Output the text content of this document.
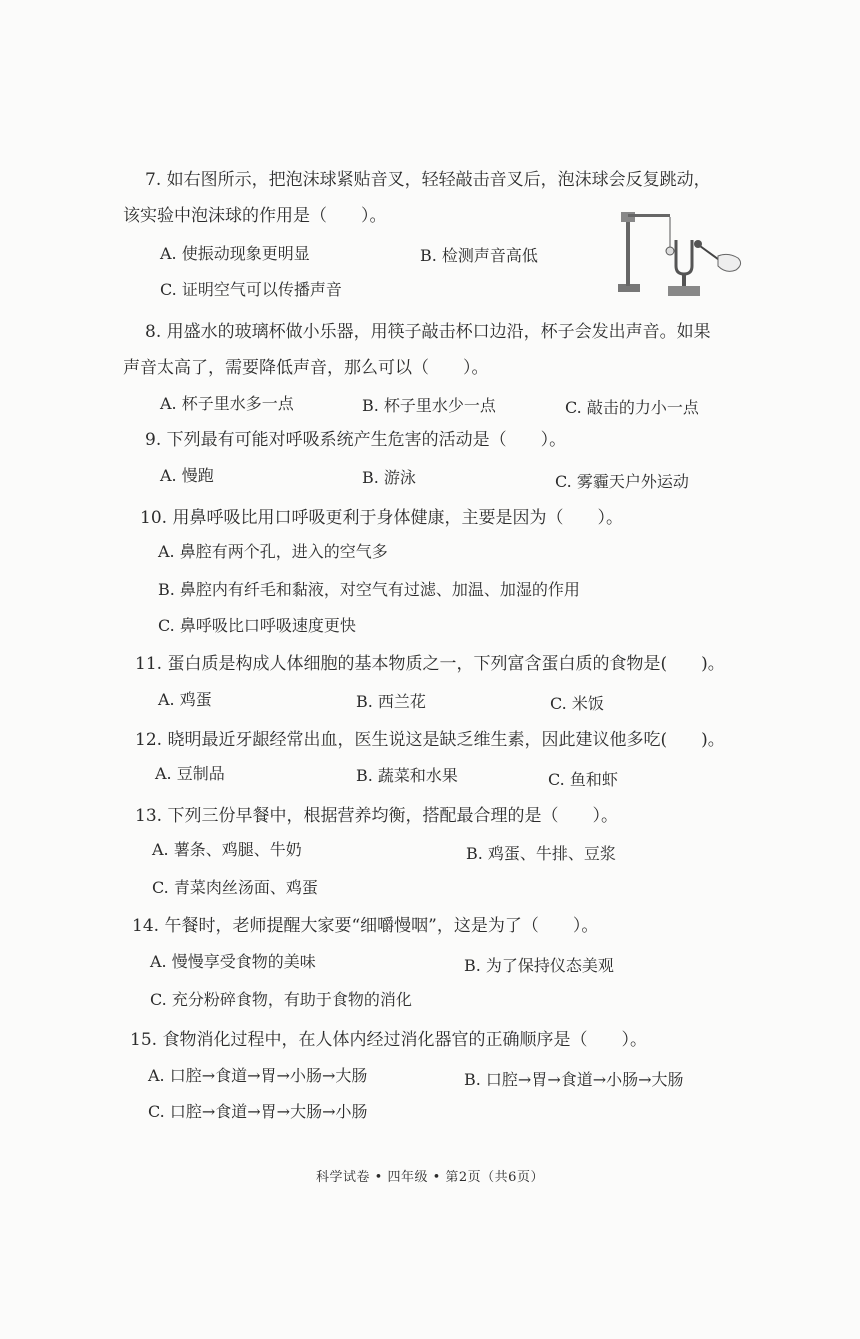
7. 如右图所示，把泡沫球紧贴音叉，轻轻敲击音叉后，泡沫球会反复跳动，
该实验中泡沫球的作用是（　　）。
A. 使振动现象更明显	B. 检测声音高低
C. 证明空气可以传播声音
8. 用盛水的玻璃杯做小乐器，用筷子敲击杯口边沿，杯子会发出声音。如果
声音太高了，需要降低声音，那么可以（　　）。
A. 杯子里水多一点	B. 杯子里水少一点	C. 敲击的力小一点
9. 下列最有可能对呼吸系统产生危害的活动是（　　）。
A. 慢跑	B. 游泳	C. 雾霾天户外运动
10. 用鼻呼吸比用口呼吸更利于身体健康，主要是因为（　　）。
A. 鼻腔有两个孔，进入的空气多
B. 鼻腔内有纤毛和黏液，对空气有过滤、加温、加湿的作用
C. 鼻呼吸比口呼吸速度更快
11. 蛋白质是构成人体细胞的基本物质之一，下列富含蛋白质的食物是(　　)。
A. 鸡蛋	B. 西兰花	C. 米饭
12. 晓明最近牙龈经常出血，医生说这是缺乏维生素，因此建议他多吃(　　)。
A. 豆制品	B. 蔬菜和水果	C. 鱼和虾
13. 下列三份早餐中，根据营养均衡，搭配最合理的是（　　）。
A. 薯条、鸡腿、牛奶	B. 鸡蛋、牛排、豆浆
C. 青菜肉丝汤面、鸡蛋
14. 午餐时，老师提醒大家要“细嚼慢咽”，这是为了（　　）。
A. 慢慢享受食物的美味	B. 为了保持仪态美观
C. 充分粉碎食物，有助于食物的消化
15. 食物消化过程中，在人体内经过消化器官的正确顺序是（　　）。
A. 口腔→食道→胃→小肠→大肠	B. 口腔→胃→食道→小肠→大肠
C. 口腔→食道→胃→大肠→小肠
科学试卷 • 四年级 • 第2页（共6页）
